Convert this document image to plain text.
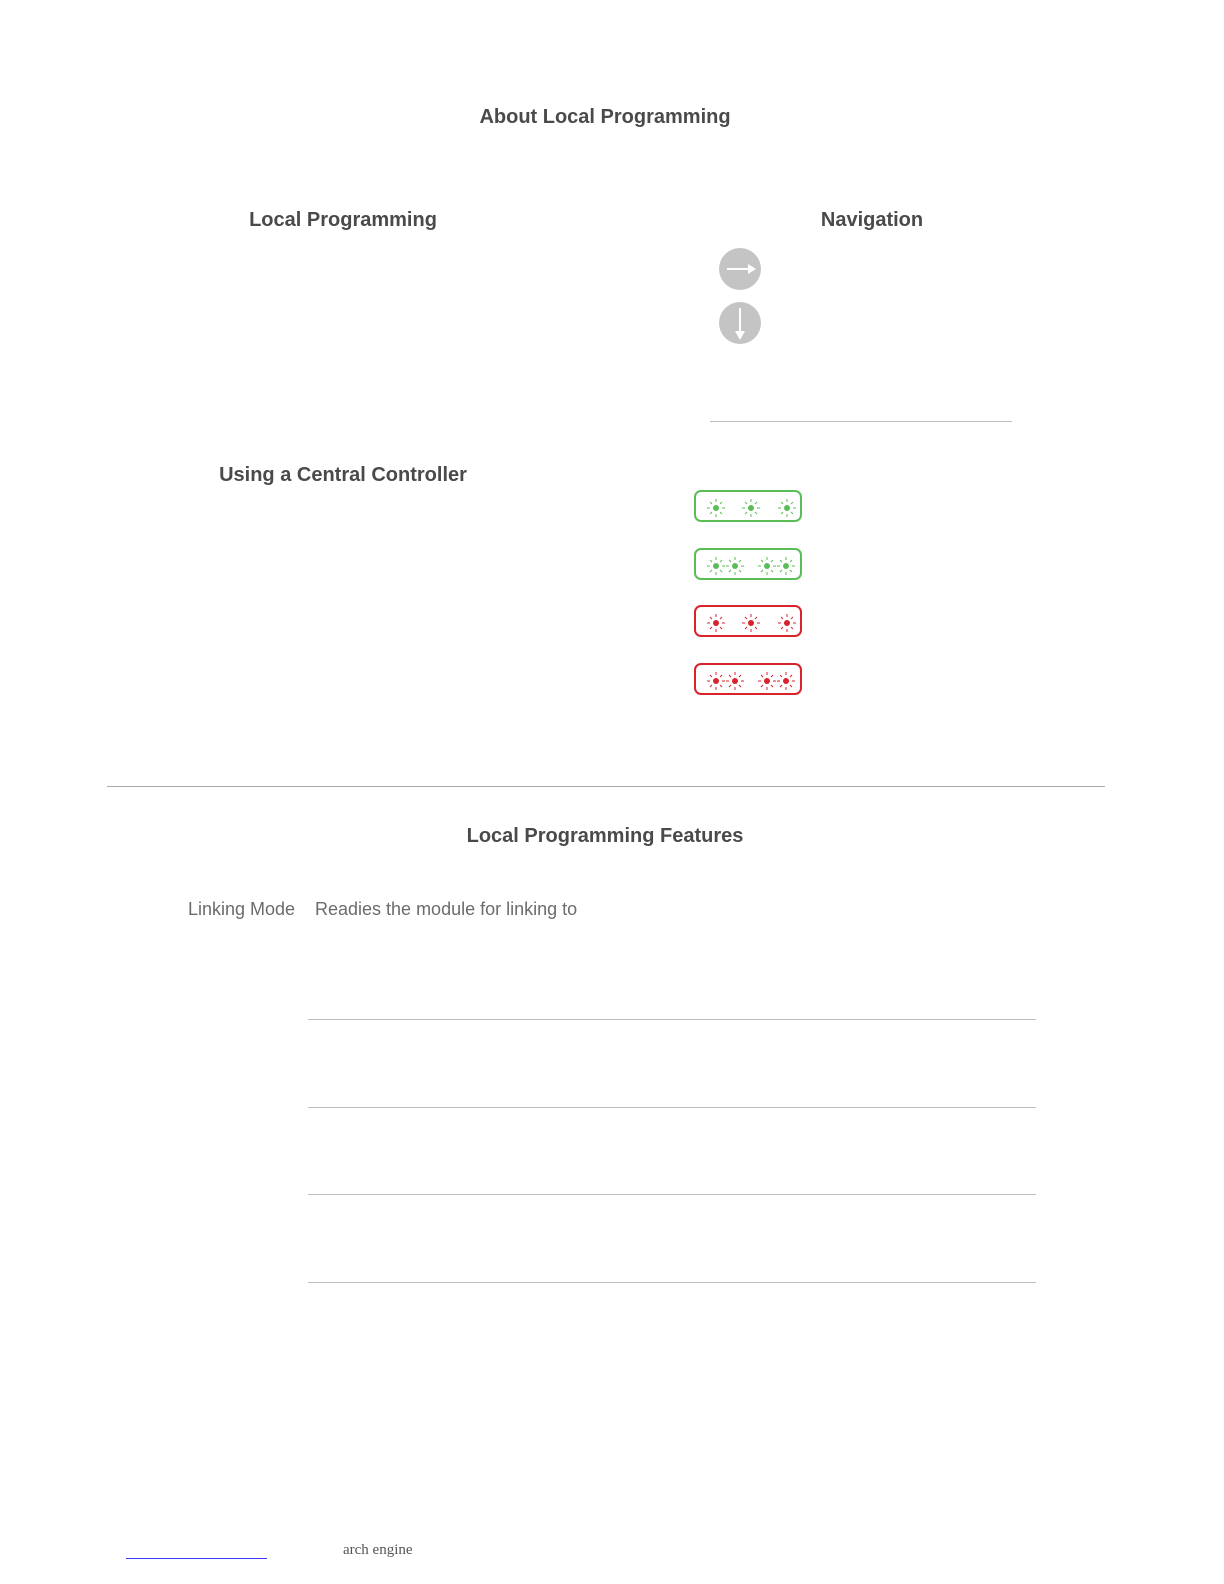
About Local Programming
Local Programming
Using a Central Controller
Navigation
Local Programming Features
Linking Mode Readies the module for linking to
arch engine
